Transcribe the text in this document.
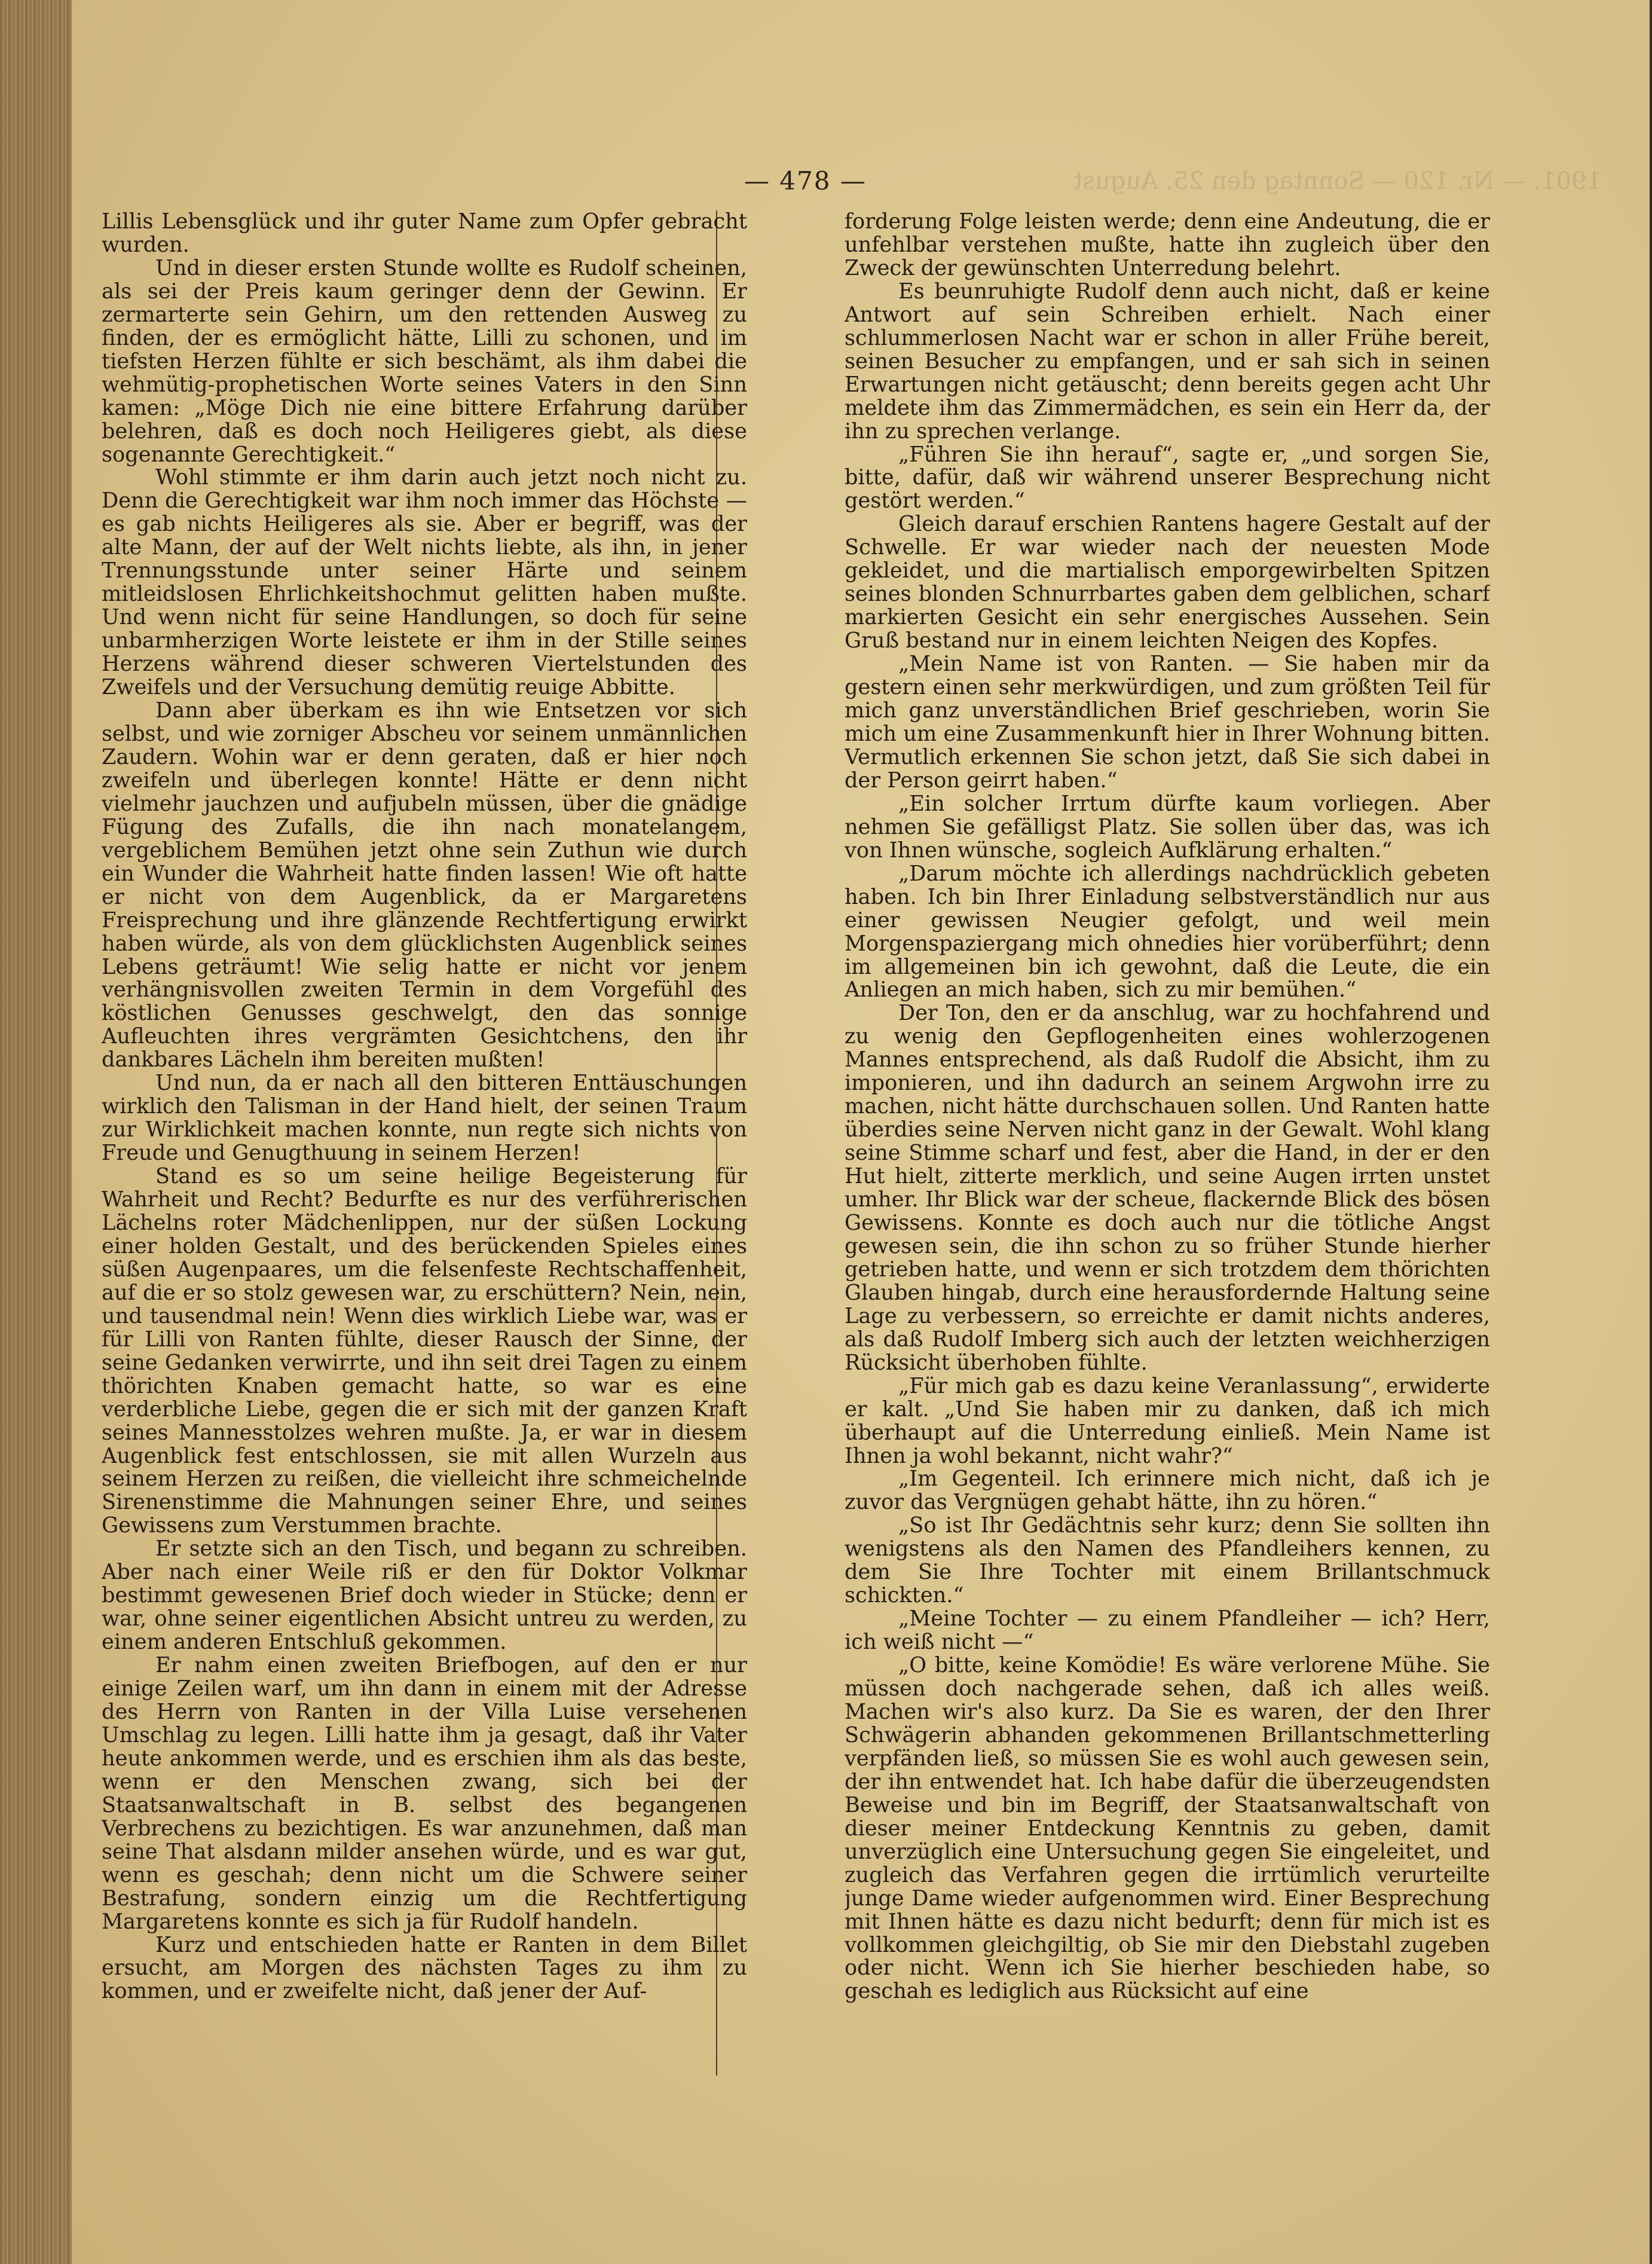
1901. — Nr. 120 — Sonntag den 25. August
— 478 —

Lillis Lebensglück und ihr guter Name zum Opfer gebracht wurden.

Und in dieser ersten Stunde wollte es Rudolf scheinen, als sei der Preis kaum geringer denn der Gewinn. Er zermarterte sein Gehirn, um den rettenden Ausweg zu finden, der es ermöglicht hätte, Lilli zu schonen, und im tiefsten Herzen fühlte er sich beschämt, als ihm dabei die wehmütig-prophetischen Worte seines Vaters in den Sinn kamen: „Möge Dich nie eine bittere Erfahrung darüber belehren, daß es doch noch Heiligeres giebt, als diese sogenannte Gerechtigkeit.“

Wohl stimmte er ihm darin auch jetzt noch nicht zu. Denn die Gerechtigkeit war ihm noch immer das Höchste — es gab nichts Heiligeres als sie. Aber er begriff, was der alte Mann, der auf der Welt nichts liebte, als ihn, in jener Trennungsstunde unter seiner Härte und seinem mitleidslosen Ehrlichkeitshochmut gelitten haben mußte. Und wenn nicht für seine Handlungen, so doch für seine unbarmherzigen Worte leistete er ihm in der Stille seines Herzens während dieser schweren Viertelstunden des Zweifels und der Versuchung demütig reuige Abbitte.

Dann aber überkam es ihn wie Entsetzen vor sich selbst, und wie zorniger Abscheu vor seinem unmännlichen Zaudern. Wohin war er denn geraten, daß er hier noch zweifeln und überlegen konnte! Hätte er denn nicht vielmehr jauchzen und aufjubeln müssen, über die gnädige Fügung des Zufalls, die ihn nach monatelangem, vergeblichem Bemühen jetzt ohne sein Zuthun wie durch ein Wunder die Wahrheit hatte finden lassen! Wie oft hatte er nicht von dem Augenblick, da er Margaretens Freisprechung und ihre glänzende Rechtfertigung erwirkt haben würde, als von dem glücklichsten Augenblick seines Lebens geträumt! Wie selig hatte er nicht vor jenem verhängnisvollen zweiten Termin in dem Vorgefühl des köstlichen Genusses geschwelgt, den das sonnige Aufleuchten ihres vergrämten Gesichtchens, den ihr dankbares Lächeln ihm bereiten mußten!

Und nun, da er nach all den bitteren Enttäuschungen wirklich den Talisman in der Hand hielt, der seinen Traum zur Wirklichkeit machen konnte, nun regte sich nichts von Freude und Genugthuung in seinem Herzen!

Stand es so um seine heilige Begeisterung für Wahrheit und Recht? Bedurfte es nur des verführerischen Lächelns roter Mädchenlippen, nur der süßen Lockung einer holden Gestalt, und des berückenden Spieles eines süßen Augenpaares, um die felsenfeste Rechtschaffenheit, auf die er so stolz gewesen war, zu erschüttern? Nein, nein, und tausendmal nein! Wenn dies wirklich Liebe war, was er für Lilli von Ranten fühlte, dieser Rausch der Sinne, der seine Gedanken verwirrte, und ihn seit drei Tagen zu einem thörichten Knaben gemacht hatte, so war es eine verderbliche Liebe, gegen die er sich mit der ganzen Kraft seines Mannesstolzes wehren mußte. Ja, er war in diesem Augenblick fest entschlossen, sie mit allen Wurzeln aus seinem Herzen zu reißen, die vielleicht ihre schmeichelnde Sirenenstimme die Mahnungen seiner Ehre, und seines Gewissens zum Verstummen brachte.

Er setzte sich an den Tisch, und begann zu schreiben. Aber nach einer Weile riß er den für Doktor Volkmar bestimmt gewesenen Brief doch wieder in Stücke; denn er war, ohne seiner eigentlichen Absicht untreu zu werden, zu einem anderen Entschluß gekommen.

Er nahm einen zweiten Briefbogen, auf den er nur einige Zeilen warf, um ihn dann in einem mit der Adresse des Herrn von Ranten in der Villa Luise versehenen Umschlag zu legen. Lilli hatte ihm ja gesagt, daß ihr Vater heute ankommen werde, und es erschien ihm als das beste, wenn er den Menschen zwang, sich bei der Staatsanwaltschaft in B. selbst des begangenen Verbrechens zu bezichtigen. Es war anzunehmen, daß man seine That alsdann milder ansehen würde, und es war gut, wenn es geschah; denn nicht um die Schwere seiner Bestrafung, sondern einzig um die Rechtfertigung Margaretens konnte es sich ja für Rudolf handeln.

Kurz und entschieden hatte er Ranten in dem Billet ersucht, am Morgen des nächsten Tages zu ihm zu kommen, und er zweifelte nicht, daß jener der Auf-

forderung Folge leisten werde; denn eine Andeutung, die er unfehlbar verstehen mußte, hatte ihn zugleich über den Zweck der gewünschten Unterredung belehrt.

Es beunruhigte Rudolf denn auch nicht, daß er keine Antwort auf sein Schreiben erhielt. Nach einer schlummerlosen Nacht war er schon in aller Frühe bereit, seinen Besucher zu empfangen, und er sah sich in seinen Erwartungen nicht getäuscht; denn bereits gegen acht Uhr meldete ihm das Zimmermädchen, es sein ein Herr da, der ihn zu sprechen verlange.

„Führen Sie ihn herauf“, sagte er, „und sorgen Sie, bitte, dafür, daß wir während unserer Besprechung nicht gestört werden.“

Gleich darauf erschien Rantens hagere Gestalt auf der Schwelle. Er war wieder nach der neuesten Mode gekleidet, und die martialisch emporgewirbelten Spitzen seines blonden Schnurrbartes gaben dem gelblichen, scharf markierten Gesicht ein sehr energisches Aussehen. Sein Gruß bestand nur in einem leichten Neigen des Kopfes.

„Mein Name ist von Ranten. — Sie haben mir da gestern einen sehr merkwürdigen, und zum größten Teil für mich ganz unverständlichen Brief geschrieben, worin Sie mich um eine Zusammenkunft hier in Ihrer Wohnung bitten. Vermutlich erkennen Sie schon jetzt, daß Sie sich dabei in der Person geirrt haben.“

„Ein solcher Irrtum dürfte kaum vorliegen. Aber nehmen Sie gefälligst Platz. Sie sollen über das, was ich von Ihnen wünsche, sogleich Aufklärung erhalten.“

„Darum möchte ich allerdings nachdrücklich gebeten haben. Ich bin Ihrer Einladung selbstverständlich nur aus einer gewissen Neugier gefolgt, und weil mein Morgenspaziergang mich ohnedies hier vorüberführt; denn im allgemeinen bin ich gewohnt, daß die Leute, die ein Anliegen an mich haben, sich zu mir bemühen.“

Der Ton, den er da anschlug, war zu hochfahrend und zu wenig den Gepflogenheiten eines wohlerzogenen Mannes entsprechend, als daß Rudolf die Absicht, ihm zu imponieren, und ihn dadurch an seinem Argwohn irre zu machen, nicht hätte durchschauen sollen. Und Ranten hatte überdies seine Nerven nicht ganz in der Gewalt. Wohl klang seine Stimme scharf und fest, aber die Hand, in der er den Hut hielt, zitterte merklich, und seine Augen irrten unstet umher. Ihr Blick war der scheue, flackernde Blick des bösen Gewissens. Konnte es doch auch nur die tötliche Angst gewesen sein, die ihn schon zu so früher Stunde hierher getrieben hatte, und wenn er sich trotzdem dem thörichten Glauben hingab, durch eine herausfordernde Haltung seine Lage zu verbessern, so erreichte er damit nichts anderes, als daß Rudolf Imberg sich auch der letzten weichherzigen Rücksicht überhoben fühlte.

„Für mich gab es dazu keine Veranlassung“, erwiderte er kalt. „Und Sie haben mir zu danken, daß ich mich überhaupt auf die Unterredung einließ. Mein Name ist Ihnen ja wohl bekannt, nicht wahr?“

„Im Gegenteil. Ich erinnere mich nicht, daß ich je zuvor das Vergnügen gehabt hätte, ihn zu hören.“

„So ist Ihr Gedächtnis sehr kurz; denn Sie sollten ihn wenigstens als den Namen des Pfandleihers kennen, zu dem Sie Ihre Tochter mit einem Brillantschmuck schickten.“

„Meine Tochter — zu einem Pfandleiher — ich? Herr, ich weiß nicht —“

„O bitte, keine Komödie! Es wäre verlorene Mühe. Sie müssen doch nachgerade sehen, daß ich alles weiß. Machen wir's also kurz. Da Sie es waren, der den Ihrer Schwägerin abhanden gekommenen Brillantschmetterling verpfänden ließ, so müssen Sie es wohl auch gewesen sein, der ihn entwendet hat. Ich habe dafür die überzeugendsten Beweise und bin im Begriff, der Staatsanwaltschaft von dieser meiner Entdeckung Kenntnis zu geben, damit unverzüglich eine Untersuchung gegen Sie eingeleitet, und zugleich das Verfahren gegen die irrtümlich verurteilte junge Dame wieder aufgenommen wird. Einer Besprechung mit Ihnen hätte es dazu nicht bedurft; denn für mich ist es vollkommen gleichgiltig, ob Sie mir den Diebstahl zugeben oder nicht. Wenn ich Sie hierher beschieden habe, so geschah es lediglich aus Rücksicht auf eine
